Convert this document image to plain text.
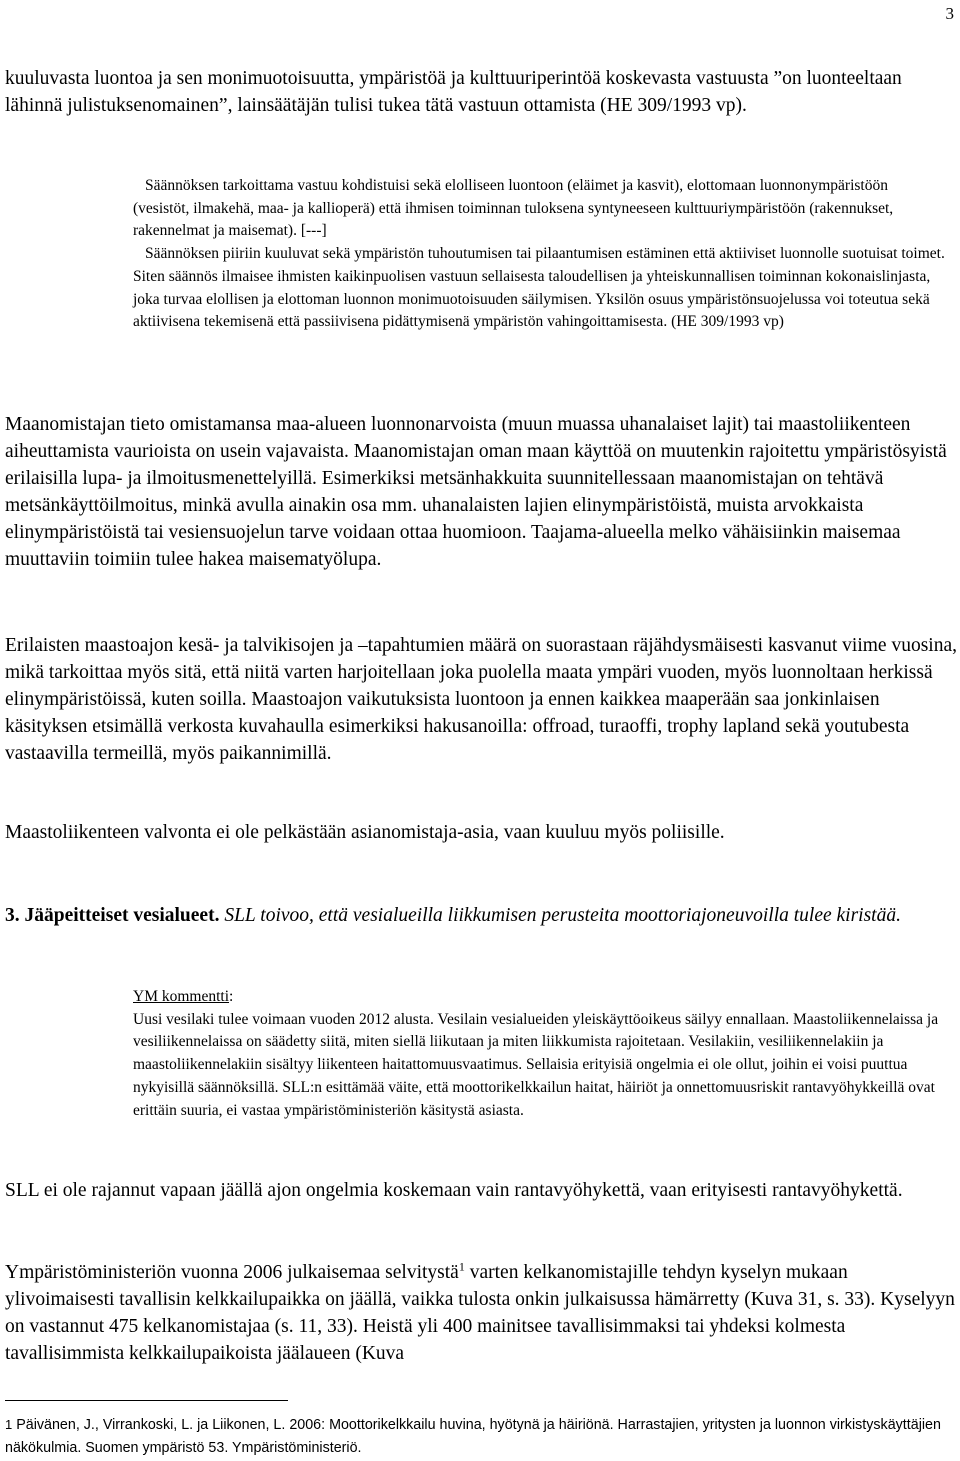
3

kuuluvasta luontoa ja sen monimuotoisuutta, ympäristöä ja kulttuuriperintöä koskevasta vastuusta ”on luonteeltaan lähinnä julistuksenomainen”, lainsäätäjän tulisi tukea tätä vastuun ottamista (HE 309/1993 vp).

Säännöksen tarkoittama vastuu kohdistuisi sekä elolliseen luontoon (eläimet ja kasvit), elottomaan luonnonympäristöön (vesistöt, ilmakehä, maa- ja kallioperä) että ihmisen toiminnan tuloksena syntyneeseen kulttuuriympäristöön (rakennukset, rakennelmat ja maisemat). [---]
Säännöksen piiriin kuuluvat sekä ympäristön tuhoutumisen tai pilaantumisen estäminen että aktiiviset luonnolle suotuisat toimet. Siten säännös ilmaisee ihmisten kaikinpuolisen vastuun sellaisesta taloudellisen ja yhteiskunnallisen toiminnan kokonaislinjasta, joka turvaa elollisen ja elottoman luonnon monimuotoisuuden säilymisen. Yksilön osuus ympäristönsuojelussa voi toteutua sekä aktiivisena tekemisenä että passiivisena pidättymisenä ympäristön vahingoittamisesta. (HE 309/1993 vp)

Maanomistajan tieto omistamansa maa-alueen luonnonarvoista (muun muassa uhanalaiset lajit) tai maastoliikenteen aiheuttamista vaurioista on usein vajavaista. Maanomistajan oman maan käyttöä on muutenkin rajoitettu ympäristösyistä erilaisilla lupa- ja ilmoitusmenettelyillä. Esimerkiksi metsänhakkuita suunnitellessaan maanomistajan on tehtävä metsänkäyttöilmoitus, minkä avulla ainakin osa mm. uhanalaisten lajien elinympäristöistä, muista arvokkaista elinympäristöistä tai vesiensuojelun tarve voidaan ottaa huomioon. Taajama-alueella melko vähäisiinkin maisemaa muuttaviin toimiin tulee hakea maisematyölupa.

Erilaisten maastoajon kesä- ja talvikisojen ja –tapahtumien määrä on suorastaan räjähdysmäisesti kasvanut viime vuosina, mikä tarkoittaa myös sitä, että niitä varten harjoitellaan joka puolella maata ympäri vuoden, myös luonnoltaan herkissä elinympäristöissä, kuten soilla. Maastoajon vaikutuksista luontoon ja ennen kaikkea maaperään saa jonkinlaisen käsityksen etsimällä verkosta kuvahaulla esimerkiksi hakusanoilla: offroad, turaoffi, trophy lapland sekä youtubesta vastaavilla termeillä, myös paikannimillä.

Maastoliikenteen valvonta ei ole pelkästään asianomistaja-asia, vaan kuuluu myös poliisille.

3. Jääpeitteiset vesialueet. SLL toivoo, että vesialueilla liikkumisen perusteita moottoriajoneuvoilla tulee kiristää.

YM kommentti:
Uusi vesilaki tulee voimaan vuoden 2012 alusta. Vesilain vesialueiden yleiskäyttöoikeus säilyy ennallaan. Maastoliikennelaissa ja vesiliikennelaissa on säädetty siitä, miten siellä liikutaan ja miten liikkumista rajoitetaan. Vesilakiin, vesiliikennelakiin ja maastoliikennelakiin sisältyy liikenteen haitattomuusvaatimus. Sellaisia erityisiä ongelmia ei ole ollut, joihin ei voisi puuttua nykyisillä säännöksillä. SLL:n esittämää väite, että moottorikelkkailun haitat, häiriöt ja onnettomuusriskit rantavyöhykkeillä ovat erittäin suuria, ei vastaa ympäristöministeriön käsitystä asiasta.

SLL ei ole rajannut vapaan jäällä ajon ongelmia koskemaan vain rantavyöhykettä, vaan erityisesti rantavyöhykettä.

Ympäristöministeriön vuonna 2006 julkaisemaa selvitystä$^1$ varten kelkanomistajille tehdyn kyselyn mukaan ylivoimaisesti tavallisin kelkkailupaikka on jäällä, vaikka tulosta onkin julkaisussa hämärretty (Kuva 31, s. 33). Kyselyyn on vastannut 475 kelkanomistajaa (s. 11, 33). Heistä yli 400 mainitsee tavallisimmaksi tai yhdeksi kolmesta tavallisimmista kelkkailupaikoista jäälaueen (Kuva

1 Päivänen, J., Virrankoski, L. ja Liikonen, L. 2006: Moottorikelkkailu huvina, hyötynä ja häiriönä. Harrastajien, yritysten ja luonnon virkistyskäyttäjien näkökulmia. Suomen ympäristö 53. Ympäristöministeriö.
